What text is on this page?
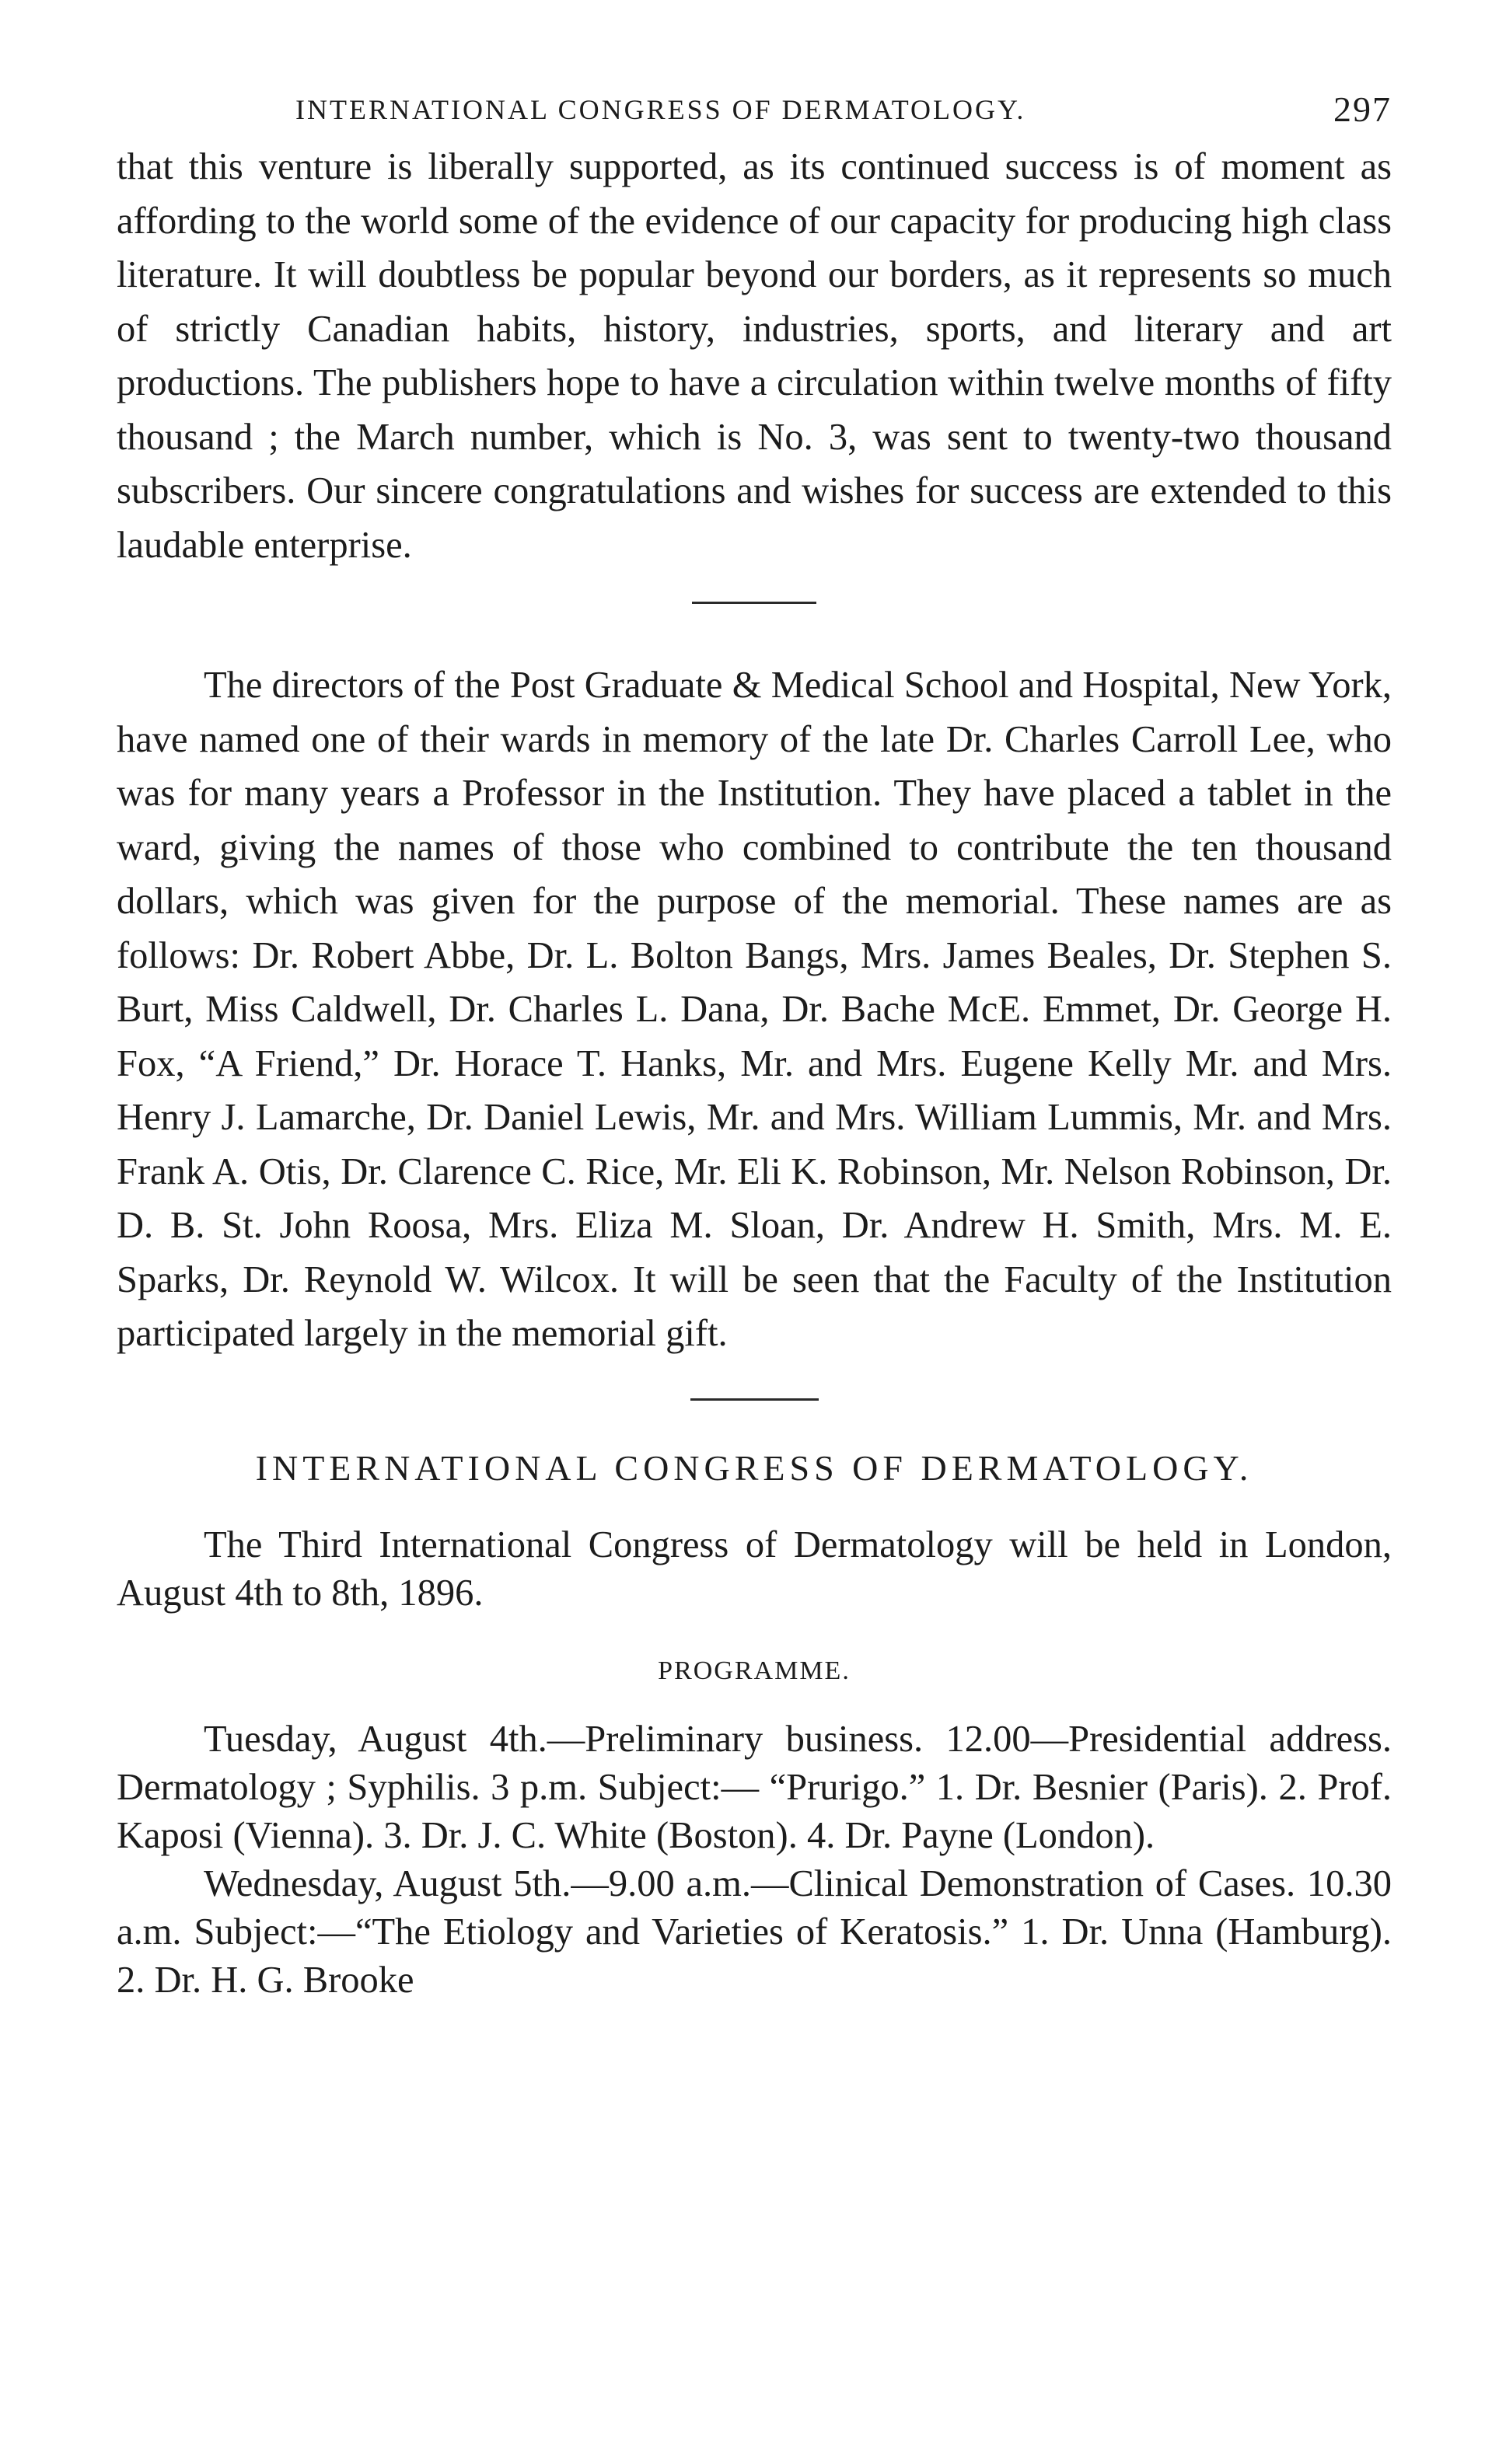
INTERNATIONAL CONGRESS OF DERMATOLOGY.	297

that this venture is liberally supported, as its continued success is of moment as affording to the world some of the evidence of our capacity for producing high class literature. It will doubtless be popular beyond our borders, as it represents so much of strictly Canadian habits, history, industries, sports, and literary and art productions. The publishers hope to have a circulation within twelve months of fifty thousand ; the March number, which is No. 3, was sent to twenty-two thousand subscribers. Our sincere congratulations and wishes for success are extended to this laudable enterprise.

The directors of the Post Graduate & Medical School and Hospital, New York, have named one of their wards in memory of the late Dr. Charles Carroll Lee, who was for many years a Professor in the Institution. They have placed a tablet in the ward, giving the names of those who combined to contribute the ten thousand dollars, which was given for the purpose of the memorial. These names are as follows: Dr. Robert Abbe, Dr. L. Bolton Bangs, Mrs. James Beales, Dr. Stephen S. Burt, Miss Caldwell, Dr. Charles L. Dana, Dr. Bache McE. Emmet, Dr. George H. Fox, “A Friend,” Dr. Horace T. Hanks, Mr. and Mrs. Eugene Kelly Mr. and Mrs. Henry J. Lamarche, Dr. Daniel Lewis, Mr. and Mrs. William Lummis, Mr. and Mrs. Frank A. Otis, Dr. Clarence C. Rice, Mr. Eli K. Robinson, Mr. Nelson Robinson, Dr. D. B. St. John Roosa, Mrs. Eliza M. Sloan, Dr. Andrew H. Smith, Mrs. M. E. Sparks, Dr. Reynold W. Wilcox. It will be seen that the Faculty of the Institution participated largely in the memorial gift.

INTERNATIONAL CONGRESS OF DERMATOLOGY.

The Third International Congress of Dermatology will be held in London, August 4th to 8th, 1896.

PROGRAMME.

Tuesday, August 4th.—Preliminary business. 12.00—Presidential address. Dermatology ; Syphilis. 3 p.m. Subject:— “Prurigo.” 1. Dr. Besnier (Paris). 2. Prof. Kaposi (Vienna). 3. Dr. J. C. White (Boston). 4. Dr. Payne (London).

Wednesday, August 5th.—9.00 a.m.—Clinical Demonstration of Cases. 10.30 a.m. Subject:—“The Etiology and Varieties of Keratosis.” 1. Dr. Unna (Hamburg). 2. Dr. H. G. Brooke
